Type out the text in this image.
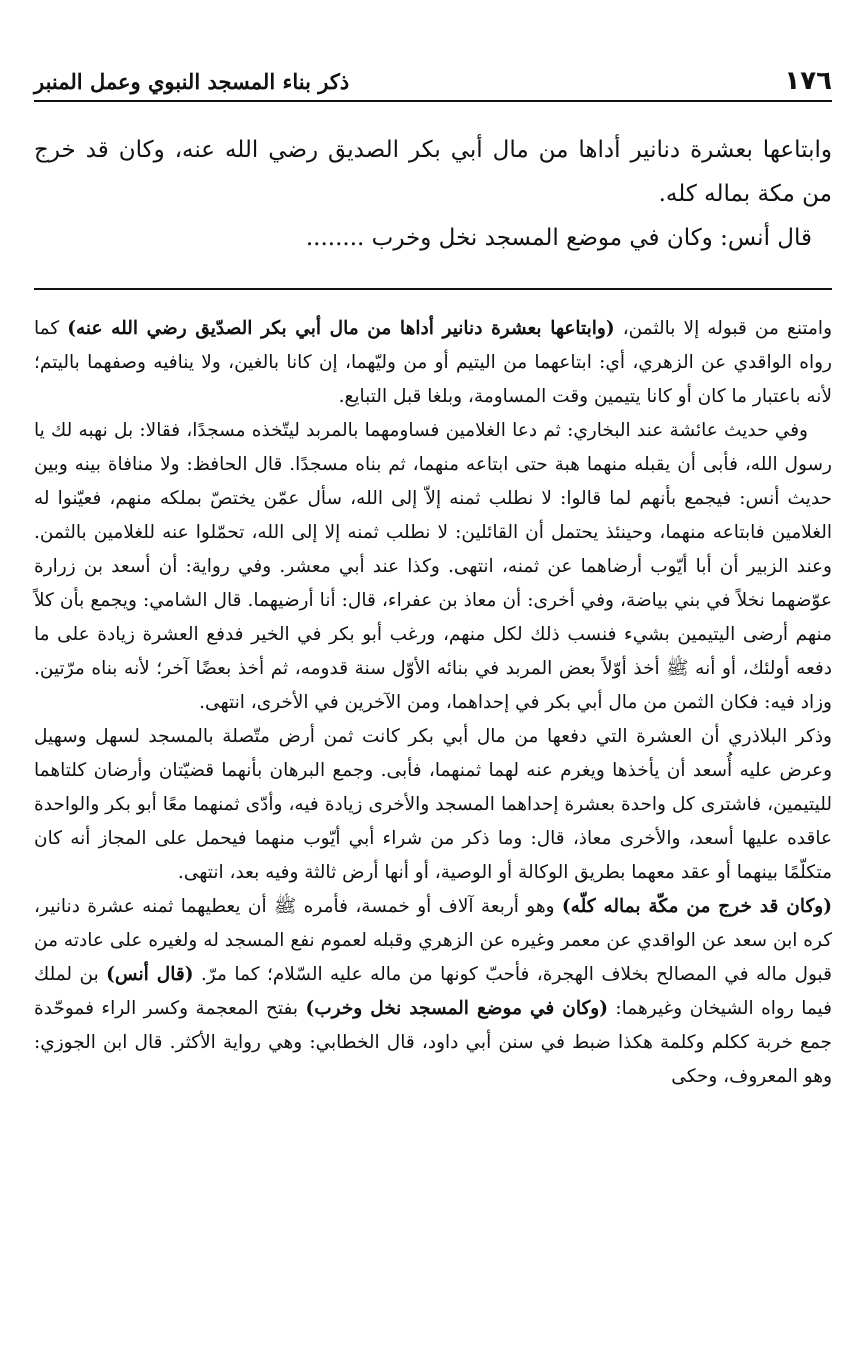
١٧٦
ذكر بناء المسجد النبوي وعمل المنبر

وابتاعها بعشرة دنانير أداها من مال أبي بكر الصديق رضي الله عنه، وكان قد خرج من مكة بماله كله.

قال أنس: وكان في موضع المسجد نخل وخرب ........

وامتنع من قبوله إلا بالثمن، (وابتاعها بعشرة دنانير أداها من مال أبي بكر الصدّيق رضي الله عنه) كما رواه الواقدي عن الزهري، أي: ابتاعهما من اليتيم أو من وليّهما، إن كانا بالغين، ولا ينافيه وصفهما باليتم؛ لأنه باعتبار ما كان أو كانا يتيمين وقت المساومة، وبلغا قبل التبايع.

وفي حديث عائشة عند البخاري: ثم دعا الغلامين فساومهما بالمربد ليتّخذه مسجدًا، فقالا: بل نهبه لك يا رسول الله، فأبى أن يقبله منهما هبة حتى ابتاعه منهما، ثم بناه مسجدًا. قال الحافظ: ولا منافاة بينه وبين حديث أنس: فيجمع بأنهم لما قالوا: لا نطلب ثمنه إلاّ إلى الله، سأل عمّن يختصّ بملكه منهم، فعيّنوا له الغلامين فابتاعه منهما، وحينئذ يحتمل أن القائلين: لا نطلب ثمنه إلا إلى الله، تحمّلوا عنه للغلامين بالثمن. وعند الزبير أن أبا أيّوب أرضاهما عن ثمنه، انتهى. وكذا عند أبي معشر. وفي رواية: أن أسعد بن زرارة عوّضهما نخلاً في بني بياضة، وفي أخرى: أن معاذ بن عفراء، قال: أنا أرضيهما. قال الشامي: ويجمع بأن كلاً منهم أرضى اليتيمين بشيء فنسب ذلك لكل منهم، ورغب أبو بكر في الخير فدفع العشرة زيادة على ما دفعه أولئك، أو أنه ﷺ أخذ أوّلاً بعض المربد في بنائه الأوّل سنة قدومه، ثم أخذ بعضًا آخر؛ لأنه بناه مرّتين. وزاد فيه: فكان الثمن من مال أبي بكر في إحداهما، ومن الآخرين في الأخرى، انتهى.

وذكر البلاذري أن العشرة التي دفعها من مال أبي بكر كانت ثمن أرض متّصلة بالمسجد لسهل وسهيل وعرض عليه أُسعد أن يأخذها ويغرم عنه لهما ثمنهما، فأبى. وجمع البرهان بأنهما قضيّتان وأرضان كلتاهما لليتيمين، فاشترى كل واحدة بعشرة إحداهما المسجد والأخرى زيادة فيه، وأدّى ثمنهما معًا أبو بكر والواحدة عاقده عليها أسعد، والأخرى معاذ، قال: وما ذكر من شراء أبي أيّوب منهما فيحمل على المجاز أنه كان متكلّمًا بينهما أو عقد معهما بطريق الوكالة أو الوصية، أو أنها أرض ثالثة وفيه بعد، انتهى.

(وكان قد خرج من مكّة بماله كلّه) وهو أربعة آلاف أو خمسة، فأمره ﷺ أن يعطيهما ثمنه عشرة دنانير، كره ابن سعد عن الواقدي عن معمر وغيره عن الزهري وقبله لعموم نفع المسجد له ولغيره على عادته من قبول ماله في المصالح بخلاف الهجرة، فأحبّ كونها من ماله عليه السّلام؛ كما مرّ. (قال أنس) بن لملك فيما رواه الشيخان وغيرهما: (وكان في موضع المسجد نخل وخرب) بفتح المعجمة وكسر الراء فموحّدة جمع خربة ككلم وكلمة هكذا ضبط في سنن أبي داود، قال الخطابي: وهي رواية الأكثر. قال ابن الجوزي: وهو المعروف، وحكى
